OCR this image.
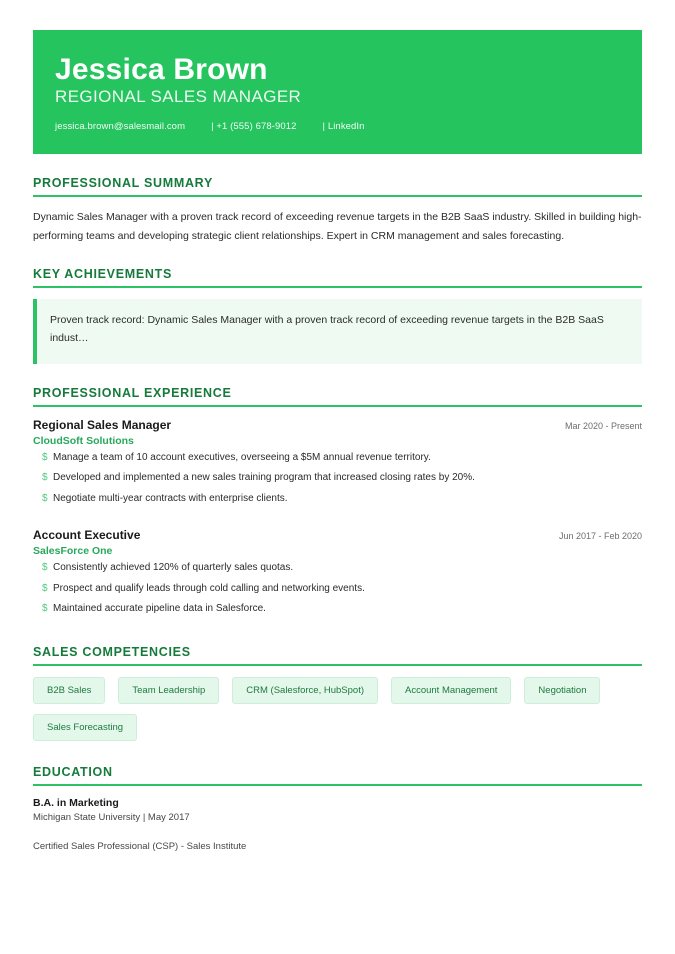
Jessica Brown
REGIONAL SALES MANAGER
jessica.brown@salesmail.com	| +1 (555) 678-9012	| LinkedIn
PROFESSIONAL SUMMARY

Dynamic Sales Manager with a proven track record of exceeding revenue targets in the B2B SaaS industry. Skilled in building high-performing teams and developing strategic client relationships. Expert in CRM management and sales forecasting.

KEY ACHIEVEMENTS

Proven track record: Dynamic Sales Manager with a proven track record of exceeding revenue targets in the B2B SaaS indust…

PROFESSIONAL EXPERIENCE
Regional Sales Manager	Mar 2020 - Present
CloudSoft Solutions
$ Manage a team of 10 account executives, overseeing a $5M annual revenue territory.
$ Developed and implemented a new sales training program that increased closing rates by 20%.
$ Negotiate multi-year contracts with enterprise clients.
Account Executive	Jun 2017 - Feb 2020
SalesForce One
$ Consistently achieved 120% of quarterly sales quotas.
$ Prospect and qualify leads through cold calling and networking events.
$ Maintained accurate pipeline data in Salesforce.
SALES COMPETENCIES
B2B Sales	Team Leadership	CRM (Salesforce, HubSpot)	Account Management	Negotiation
Sales Forecasting
EDUCATION
B.A. in Marketing
Michigan State University | May 2017
Certified Sales Professional (CSP) - Sales Institute
